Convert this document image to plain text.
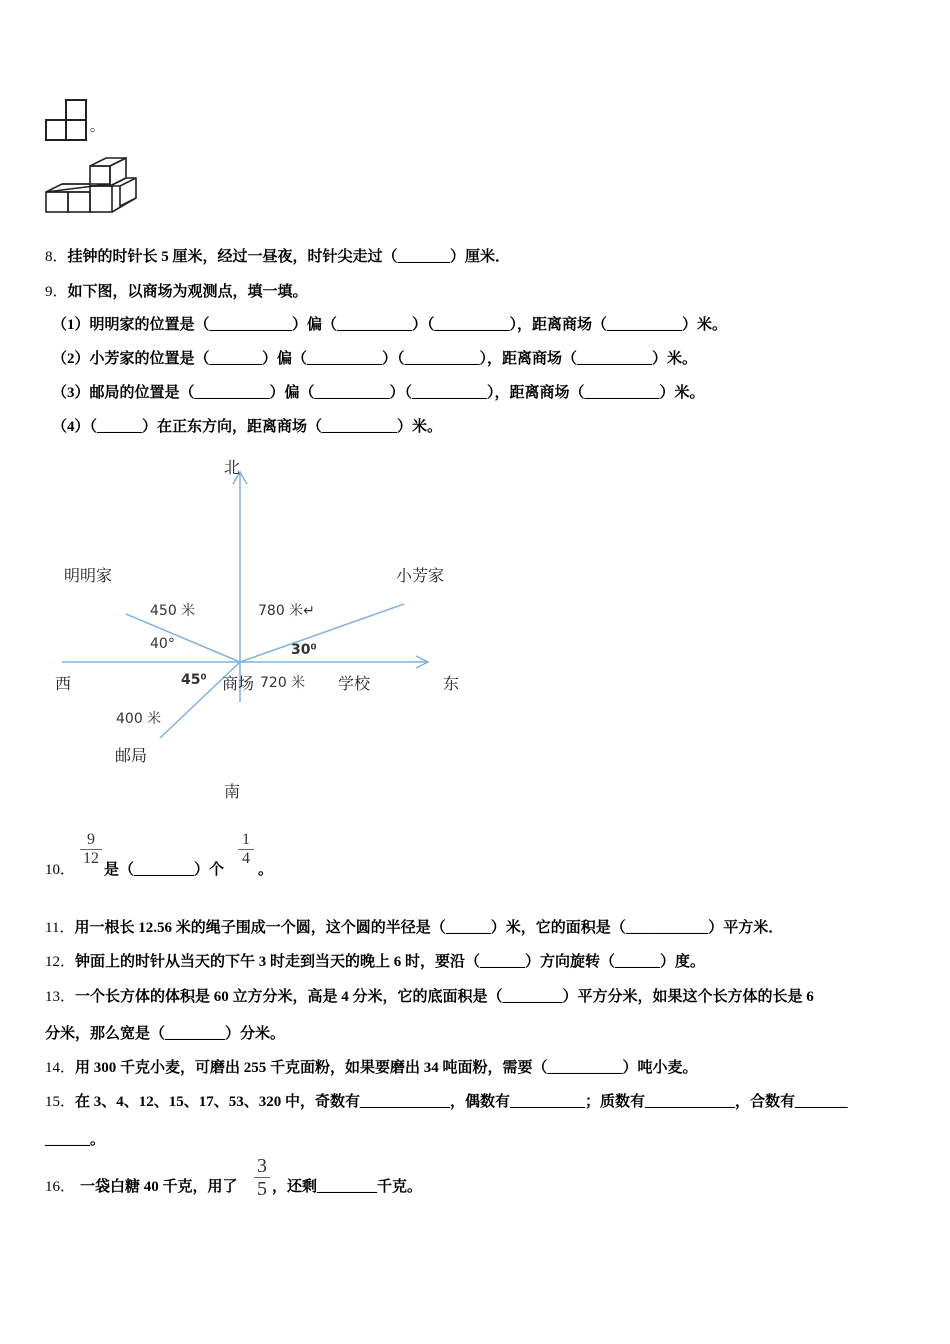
。
8．挂钟的时针长 5 厘米，经过一昼夜，时针尖走过（_______）厘米．
9．如下图，以商场为观测点，填一填。
（1）明明家的位置是（___________）偏（__________）（__________），距离商场（__________）米。
（2）小芳家的位置是（_______）偏（__________）（__________），距离商场（__________）米。
（3）邮局的位置是（__________）偏（__________）（__________），距离商场（__________）米。
（4）（______）在正东方向，距离商场（__________）米。
北
南
东
西
明明家	小芳家
邮局
商场	学校
450 米	780 米↵
720 米
400 米
40°	30⁰
45⁰
10．
9
12
是（________）个
1
4
。
11．用一根长 12.56 米的绳子围成一个圆，这个圆的半径是（______）米，它的面积是（___________）平方米．
12．钟面上的时针从当天的下午 3 时走到当天的晚上 6 时，要沿（______）方向旋转（______）度。
13．一个长方体的体积是 60 立方分米，高是 4 分米，它的底面积是（________）平方分米，如果这个长方体的长是 6
分米，那么宽是（________）分米。
14．用 300 千克小麦，可磨出 255 千克面粉，如果要磨出 34 吨面粉，需要（__________）吨小麦。
15．在 3、4、12、15、17、53、320 中，奇数有____________，偶数有__________；质数有____________，合数有_______
______。
16． 一袋白糖 40 千克，用了
3
5 ，还剩________千克。
